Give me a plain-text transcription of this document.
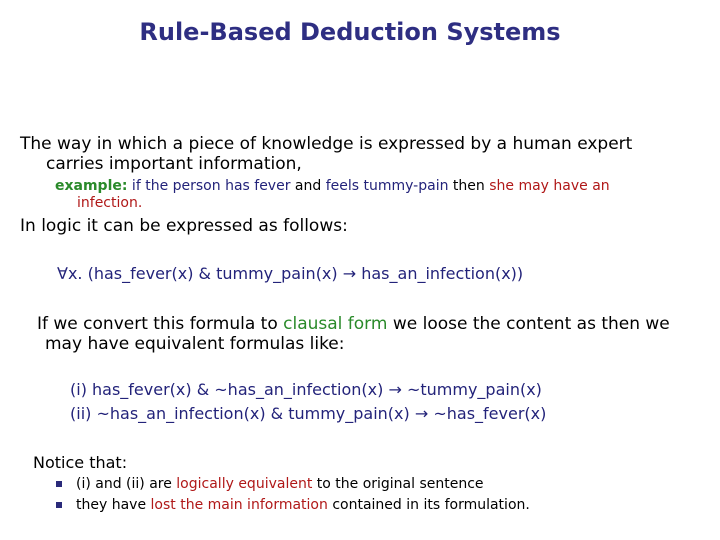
Rule-Based Deduction Systems
The way in which a piece of knowledge is expressed by a human expert
carries important information,
example: if the person has fever and feels tummy-pain then she may have an
infection.
In logic it can be expressed as follows:
∀x. (has_fever(x) & tummy_pain(x) → has_an_infection(x))
If we convert this formula to clausal form we loose the content as then we
may have equivalent formulas like:
(i) has_fever(x) & ~has_an_infection(x) → ~tummy_pain(x)
(ii) ~has_an_infection(x) & tummy_pain(x) → ~has_fever(x)
Notice that:
(i) and (ii) are logically equivalent to the original sentence
they have lost the main information contained in its formulation.
